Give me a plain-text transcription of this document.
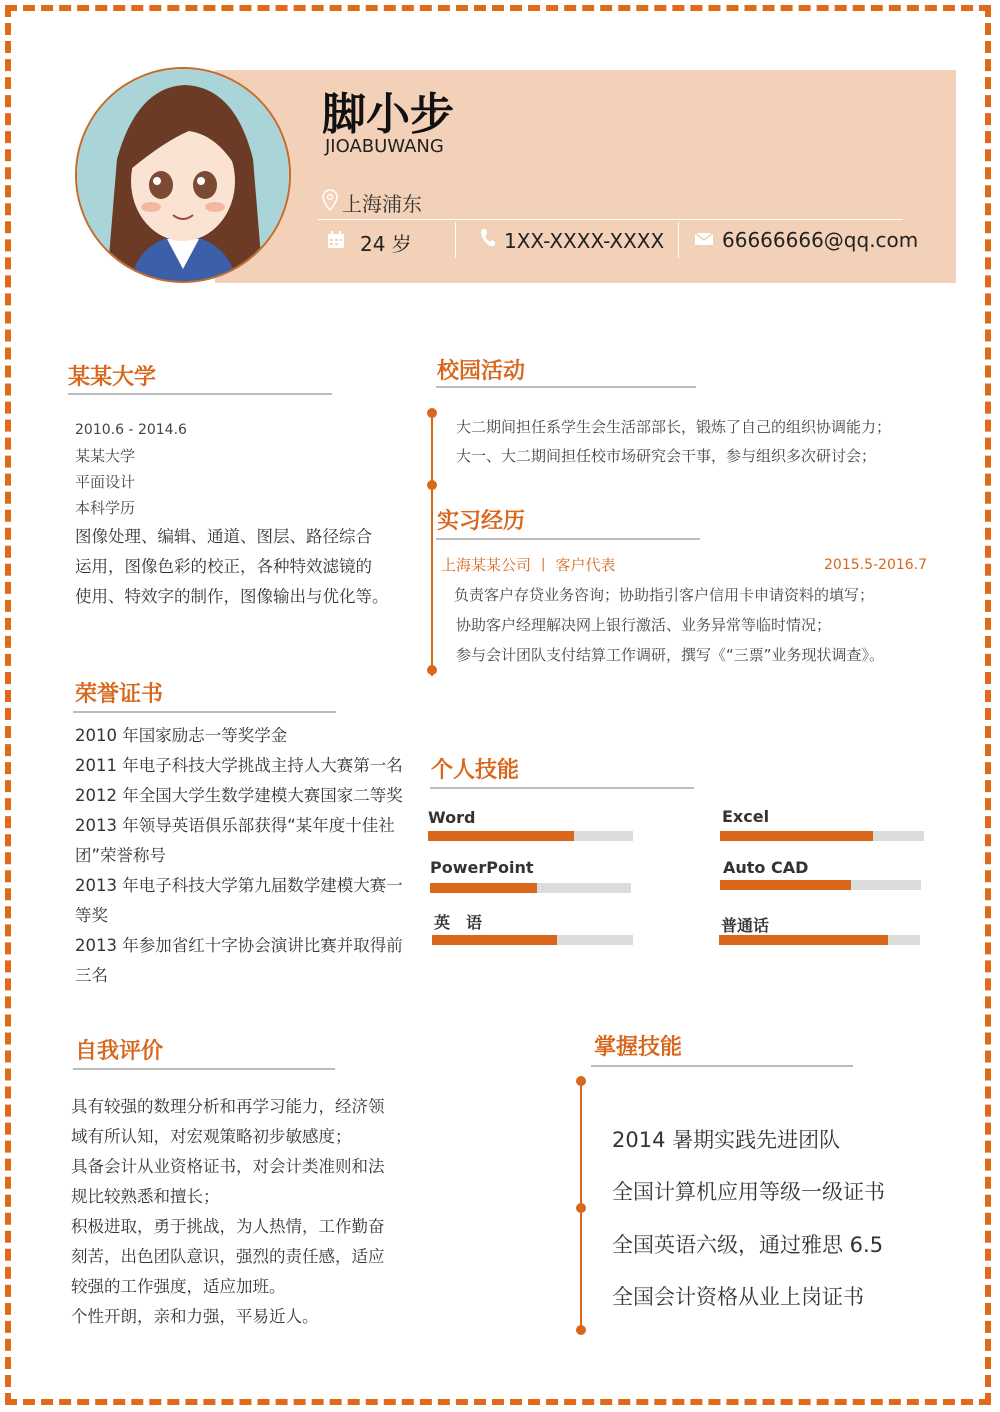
脚小步
JIOABUWANG
上海浦东
24 岁	1XX-XXXX-XXXX	66666666@qq.com
某某大学
2010.6 - 2014.6
某某大学
平面设计
本科学历
图像处理、编辑、通道、图层、路径综合
运用，图像色彩的校正，各种特效滤镜的
使用、特效字的制作，图像输出与优化等。
荣誉证书
2010 年国家励志一等奖学金
2011 年电子科技大学挑战主持人大赛第一名
2012 年全国大学生数学建模大赛国家二等奖
2013 年领导英语俱乐部获得“某年度十佳社
团”荣誉称号
2013 年电子科技大学第九届数学建模大赛一
等奖
2013 年参加省红十字协会演讲比赛并取得前
三名
自我评价
具有较强的数理分析和再学习能力，经济领
域有所认知，对宏观策略初步敏感度；
具备会计从业资格证书，对会计类准则和法
规比较熟悉和擅长；
积极进取，勇于挑战，为人热情，工作勤奋
刻苦，出色团队意识，强烈的责任感，适应
较强的工作强度，适应加班。
个性开朗，亲和力强，平易近人。
校园活动
大二期间担任系学生会生活部部长，锻炼了自己的组织协调能力；
大一、大二期间担任校市场研究会干事，参与组织多次研讨会；
实习经历
上海某某公司 丨 客户代表	2015.5-2016.7
负责客户存贷业务咨询；协助指引客户信用卡申请资料的填写；
协助客户经理解决网上银行激活、业务异常等临时情况；
参与会计团队支付结算工作调研，撰写《“三票”业务现状调查》。
个人技能
Word	Excel
PowerPoint	Auto CAD
英　语	普通话
掌握技能
2014 暑期实践先进团队
全国计算机应用等级一级证书
全国英语六级，通过雅思 6.5
全国会计资格从业上岗证书
